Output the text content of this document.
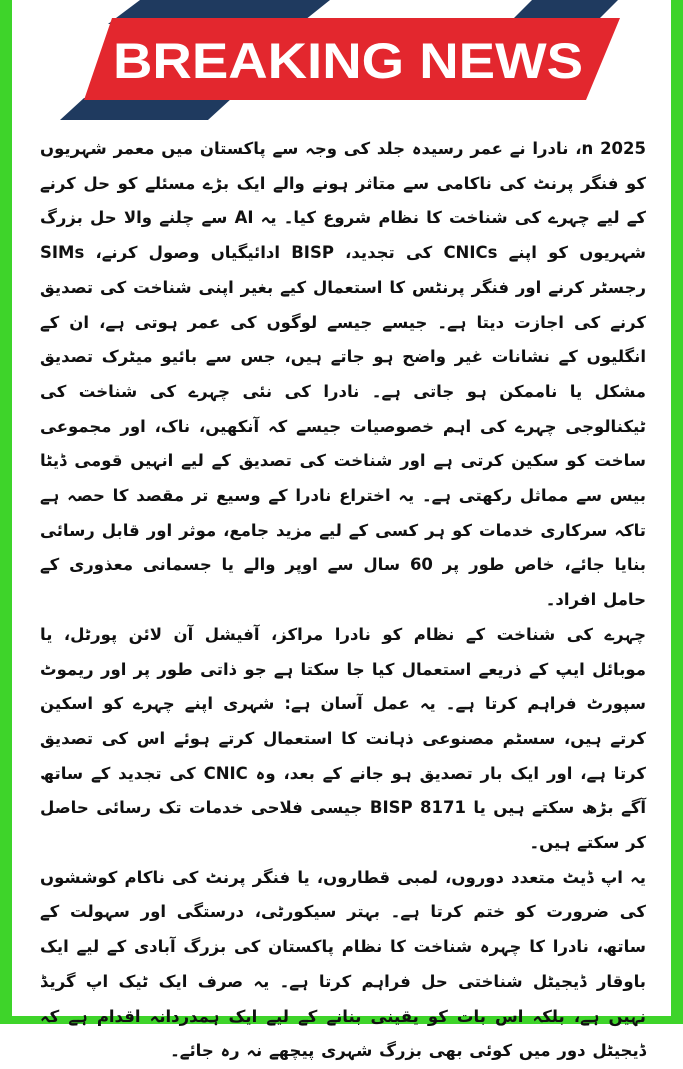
BREAKING NEWS

2025 n، نادرا نے عمر رسیدہ جلد کی وجہ سے پاکستان میں معمر شہریوں کو فنگر پرنٹ کی ناکامی سے متاثر ہونے والے ایک بڑے مسئلے کو حل کرنے کے لیے چہرے کی شناخت کا نظام شروع کیا۔ یہ AI سے چلنے والا حل بزرگ شہریوں کو اپنے CNICs کی تجدید، BISP ادائیگیاں وصول کرنے، SIMs رجسٹر کرنے اور فنگر پرنٹس کا استعمال کیے بغیر اپنی شناخت کی تصدیق کرنے کی اجازت دیتا ہے۔ جیسے جیسے لوگوں کی عمر ہوتی ہے، ان کے انگلیوں کے نشانات غیر واضح ہو جاتے ہیں، جس سے بائیو میٹرک تصدیق مشکل یا ناممکن ہو جاتی ہے۔ نادرا کی نئی چہرے کی شناخت کی ٹیکنالوجی چہرے کی اہم خصوصیات جیسے کہ آنکھیں، ناک، اور مجموعی ساخت کو سکین کرتی ہے اور شناخت کی تصدیق کے لیے انہیں قومی ڈیٹا بیس سے مماثل رکھتی ہے۔ یہ اختراع نادرا کے وسیع تر مقصد کا حصہ ہے تاکہ سرکاری خدمات کو ہر کسی کے لیے مزید جامع، موثر اور قابل رسائی بنایا جائے، خاص طور پر 60 سال سے اوپر والے یا جسمانی معذوری کے حامل افراد۔

چہرے کی شناخت کے نظام کو نادرا مراکز، آفیشل آن لائن پورٹل، یا موبائل ایپ کے ذریعے استعمال کیا جا سکتا ہے جو ذاتی طور پر اور ریموٹ سپورٹ فراہم کرتا ہے۔ یہ عمل آسان ہے: شہری اپنے چہرے کو اسکین کرتے ہیں، سسٹم مصنوعی ذہانت کا استعمال کرتے ہوئے اس کی تصدیق کرتا ہے، اور ایک بار تصدیق ہو جانے کے بعد، وہ CNIC کی تجدید کے ساتھ آگے بڑھ سکتے ہیں یا BISP 8171 جیسی فلاحی خدمات تک رسائی حاصل کر سکتے ہیں۔

یہ اپ ڈیٹ متعدد دوروں، لمبی قطاروں، یا فنگر پرنٹ کی ناکام کوششوں کی ضرورت کو ختم کرتا ہے۔ بہتر سیکورٹی، درستگی اور سہولت کے ساتھ، نادرا کا چہرہ شناخت کا نظام پاکستان کی بزرگ آبادی کے لیے ایک باوقار ڈیجیٹل شناختی حل فراہم کرتا ہے۔ یہ صرف ایک ٹیک اپ گریڈ نہیں ہے، بلکہ اس بات کو یقینی بنانے کے لیے ایک ہمدردانہ اقدام ہے کہ ڈیجیٹل دور میں کوئی بھی بزرگ شہری پیچھے نہ رہ جائے۔
